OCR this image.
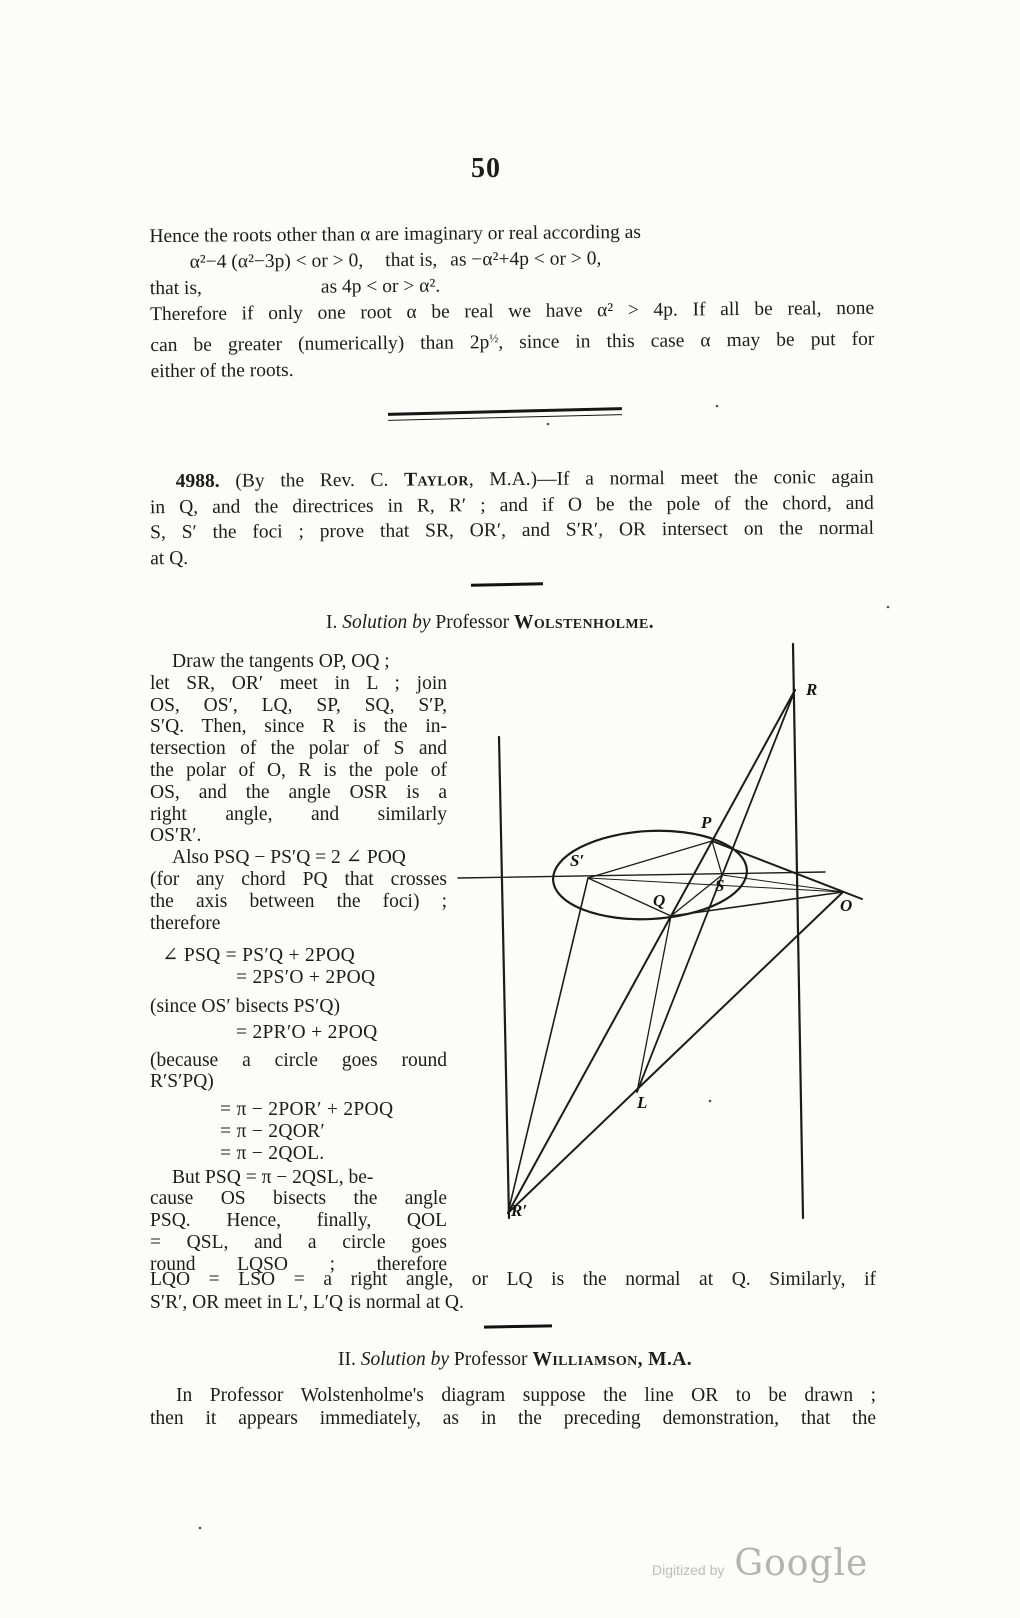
50
Hence the roots other than α are imaginary or real according as
α²−4 (α²−3p) < or > 0, that is, as −α²+4p < or > 0,
that is,	as 4p < or > α².
Therefore if only one root α be real we have α² > 4p. If all be real, none
can be greater (numerically) than $2p^{\frac{1}{2}}$, since in this case α may be put for
either of the roots.
4988. (By the Rev. C. Taylor, M.A.)—If a normal meet the conic again
in Q, and the directrices in R, R′ ; and if O be the pole of the chord, and
S, S′ the foci ; prove that SR, OR′, and S′R′, OR intersect on the normal
at Q.
I. Solution by Professor Wolstenholme.
Draw the tangents OP, OQ ;
let SR, OR′ meet in L ; join
OS, OS′, LQ, SP, SQ, S′P,
S′Q. Then, since R is the in-
tersection of the polar of S and
the polar of O, R is the pole of
OS, and the angle OSR is a
right angle, and similarly
OS′R′.
Also PSQ − PS′Q = 2 ∠ POQ
(for any chord PQ that crosses
the axis between the foci) ;
therefore
∠ PSQ = PS′Q + 2POQ
= 2PS′O + 2POQ
(since OS′ bisects PS′Q)
= 2PR′O + 2POQ
(because a circle goes round
R′S′PQ)
= π − 2POR′ + 2POQ
= π − 2QOR′
= π − 2QOL.
But PSQ = π − 2QSL, be-
cause OS bisects the angle
PSQ. Hence, finally, QOL
= QSL, and a circle goes
round LQSO ; therefore
LQO = LSO = a right angle, or LQ is the normal at Q. Similarly, if
S′R′, OR meet in L′, L′Q is normal at Q.
II. Solution by Professor Williamson, M.A.
In Professor Wolstenholme's diagram suppose the line OR to be drawn ;
then it appears immediately, as in the preceding demonstration, that the
R
P
S′
S
Q	O
L
R′
Digitized by Google
